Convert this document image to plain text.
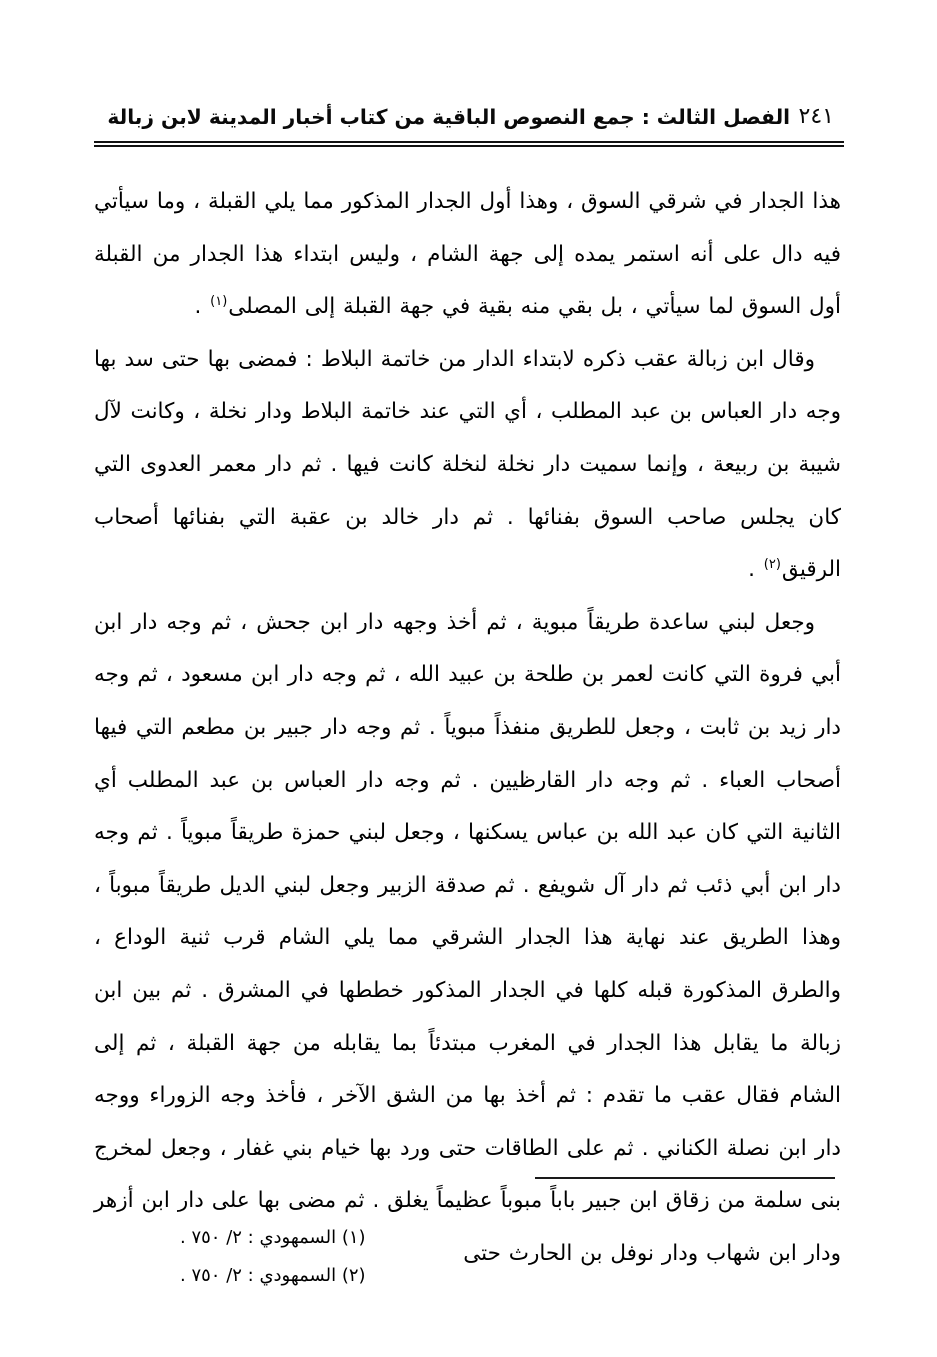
الفصل الثالث : جمع النصوص الباقية من كتاب أخبار المدينة لابن زبالة ٢٤١

هذا الجدار في شرقي السوق ، وهذا أول الجدار المذكور مما يلي القبلة ، وما سيأتي فيه دال على أنه استمر يمده إلى جهة الشام ، وليس ابتداء هذا الجدار من القبلة أول السوق لما سيأتي ، بل بقي منه بقية في جهة القبلة إلى المصلى$^{(١)}$ .

وقال ابن زبالة عقب ذكره لابتداء الدار من خاتمة البلاط : فمضى بها حتى سد بها وجه دار العباس بن عبد المطلب ، أي التي عند خاتمة البلاط ودار نخلة ، وكانت لآل شيبة بن ربيعة ، وإنما سميت دار نخلة لنخلة كانت فيها . ثم دار معمر العدوى التي كان يجلس صاحب السوق بفنائها . ثم دار خالد بن عقبة التي بفنائها أصحاب الرقيق$^{(٢)}$ .

وجعل لبني ساعدة طريقاً مبوية ، ثم أخذ وجهه دار ابن جحش ، ثم وجه دار ابن أبي فروة التي كانت لعمر بن طلحة بن عبيد الله ، ثم وجه دار ابن مسعود ، ثم وجه دار زيد بن ثابت ، وجعل للطريق منفذاً مبوياً . ثم وجه دار جبير بن مطعم التي فيها أصحاب العباء . ثم وجه دار القارظيين . ثم وجه دار العباس بن عبد المطلب أي الثانية التي كان عبد الله بن عباس يسكنها ، وجعل لبني حمزة طريقاً مبوياً . ثم وجه دار ابن أبي ذئب ثم دار آل شويفع . ثم صدقة الزبير وجعل لبني الديل طريقاً مبوباً ، وهذا الطريق عند نهاية هذا الجدار الشرقي مما يلي الشام قرب ثنية الوداع ، والطرق المذكورة قبله كلها في الجدار المذكور خططها في المشرق . ثم بين ابن زبالة ما يقابل هذا الجدار في المغرب مبتدئاً بما يقابله من جهة القبلة ، ثم إلى الشام فقال عقب ما تقدم : ثم أخذ بها من الشق الآخر ، فأخذ وجه الزوراء ووجه دار ابن نصلة الكناني . ثم على الطاقات حتى ورد بها خيام بني غفار ، وجعل لمخرج بنى سلمة من زقاق ابن جبير باباً مبوباً عظيماً يغلق . ثم مضى بها على دار ابن أزهر ودار ابن شهاب ودار نوفل بن الحارث حتى

(١) السمهودي : ٢/ ٧٥٠ .

(٢) السمهودي : ٢/ ٧٥٠ .
